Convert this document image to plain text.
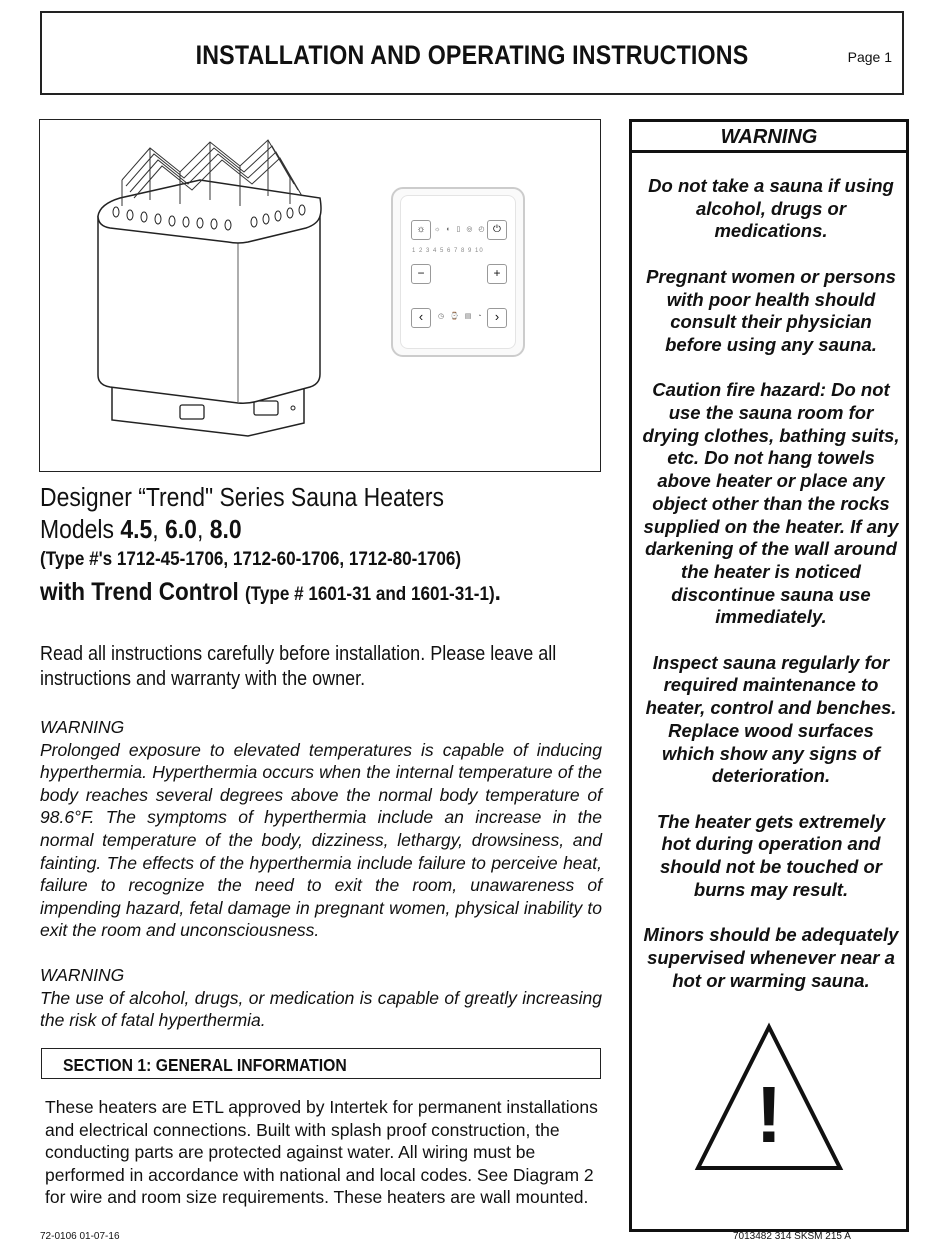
INSTALLATION AND OPERATING INSTRUCTIONS	Page 1
☼	☼ ◐ ▯ ◎ ◴ ⏻
1 2 3 4 5 6 7 8 9 10
−	+
‹	◷ ⌚ ▤ ◔ ›
WARNING

Do not take a sauna if using alcohol, drugs or medications.

Pregnant women or persons with poor health should consult their physician before using any sauna.

Caution fire hazard: Do not use the sauna room for drying clothes, bathing suits, etc. Do not hang towels above heater or place any object other than the rocks supplied on the heater. If any darkening of the wall around the heater is noticed discontinue sauna use immediately.

Inspect sauna regularly for required maintenance to heater, control and benches. Replace wood surfaces which show any signs of deterioration.

The heater gets extremely hot during operation and should not be touched or burns may result.

Minors should be adequately supervised whenever near a hot or warming sauna.

!
Designer “Trend" Series Sauna Heaters
Models 4.5, 6.0, 8.0
(Type #'s 1712-45-1706, 1712-60-1706, 1712-80-1706)
with Trend Control (Type # 1601-31 and 1601-31-1).
Read all instructions carefully before installation. Please leave all instructions and warranty with the owner.
WARNING
Prolonged exposure to elevated temperatures is capable of inducing hyperthermia. Hyperthermia occurs when the internal temperature of the body reaches several degrees above the normal body temperature of 98.6°F. The symptoms of hyperthermia include an increase in the normal temperature of the body, dizziness, lethargy, drowsiness, and fainting. The effects of the hyperthermia include failure to perceive heat, failure to recognize the need to exit the room, unawareness of impending hazard, fetal damage in pregnant women, physical inability to exit the room and unconsciousness.
WARNING
The use of alcohol, drugs, or medication is capable of greatly increasing the risk of fatal hyperthermia.
SECTION 1: GENERAL INFORMATION
These heaters are ETL approved by Intertek for permanent installations and electrical connections. Built with splash proof construction, the conducting parts are protected against water. All wiring must be performed in accordance with national and local codes. See Diagram 2 for wire and room size requirements. These heaters are wall mounted.
72-0106 01-07-16	7013482 314 SKSM 215 A
